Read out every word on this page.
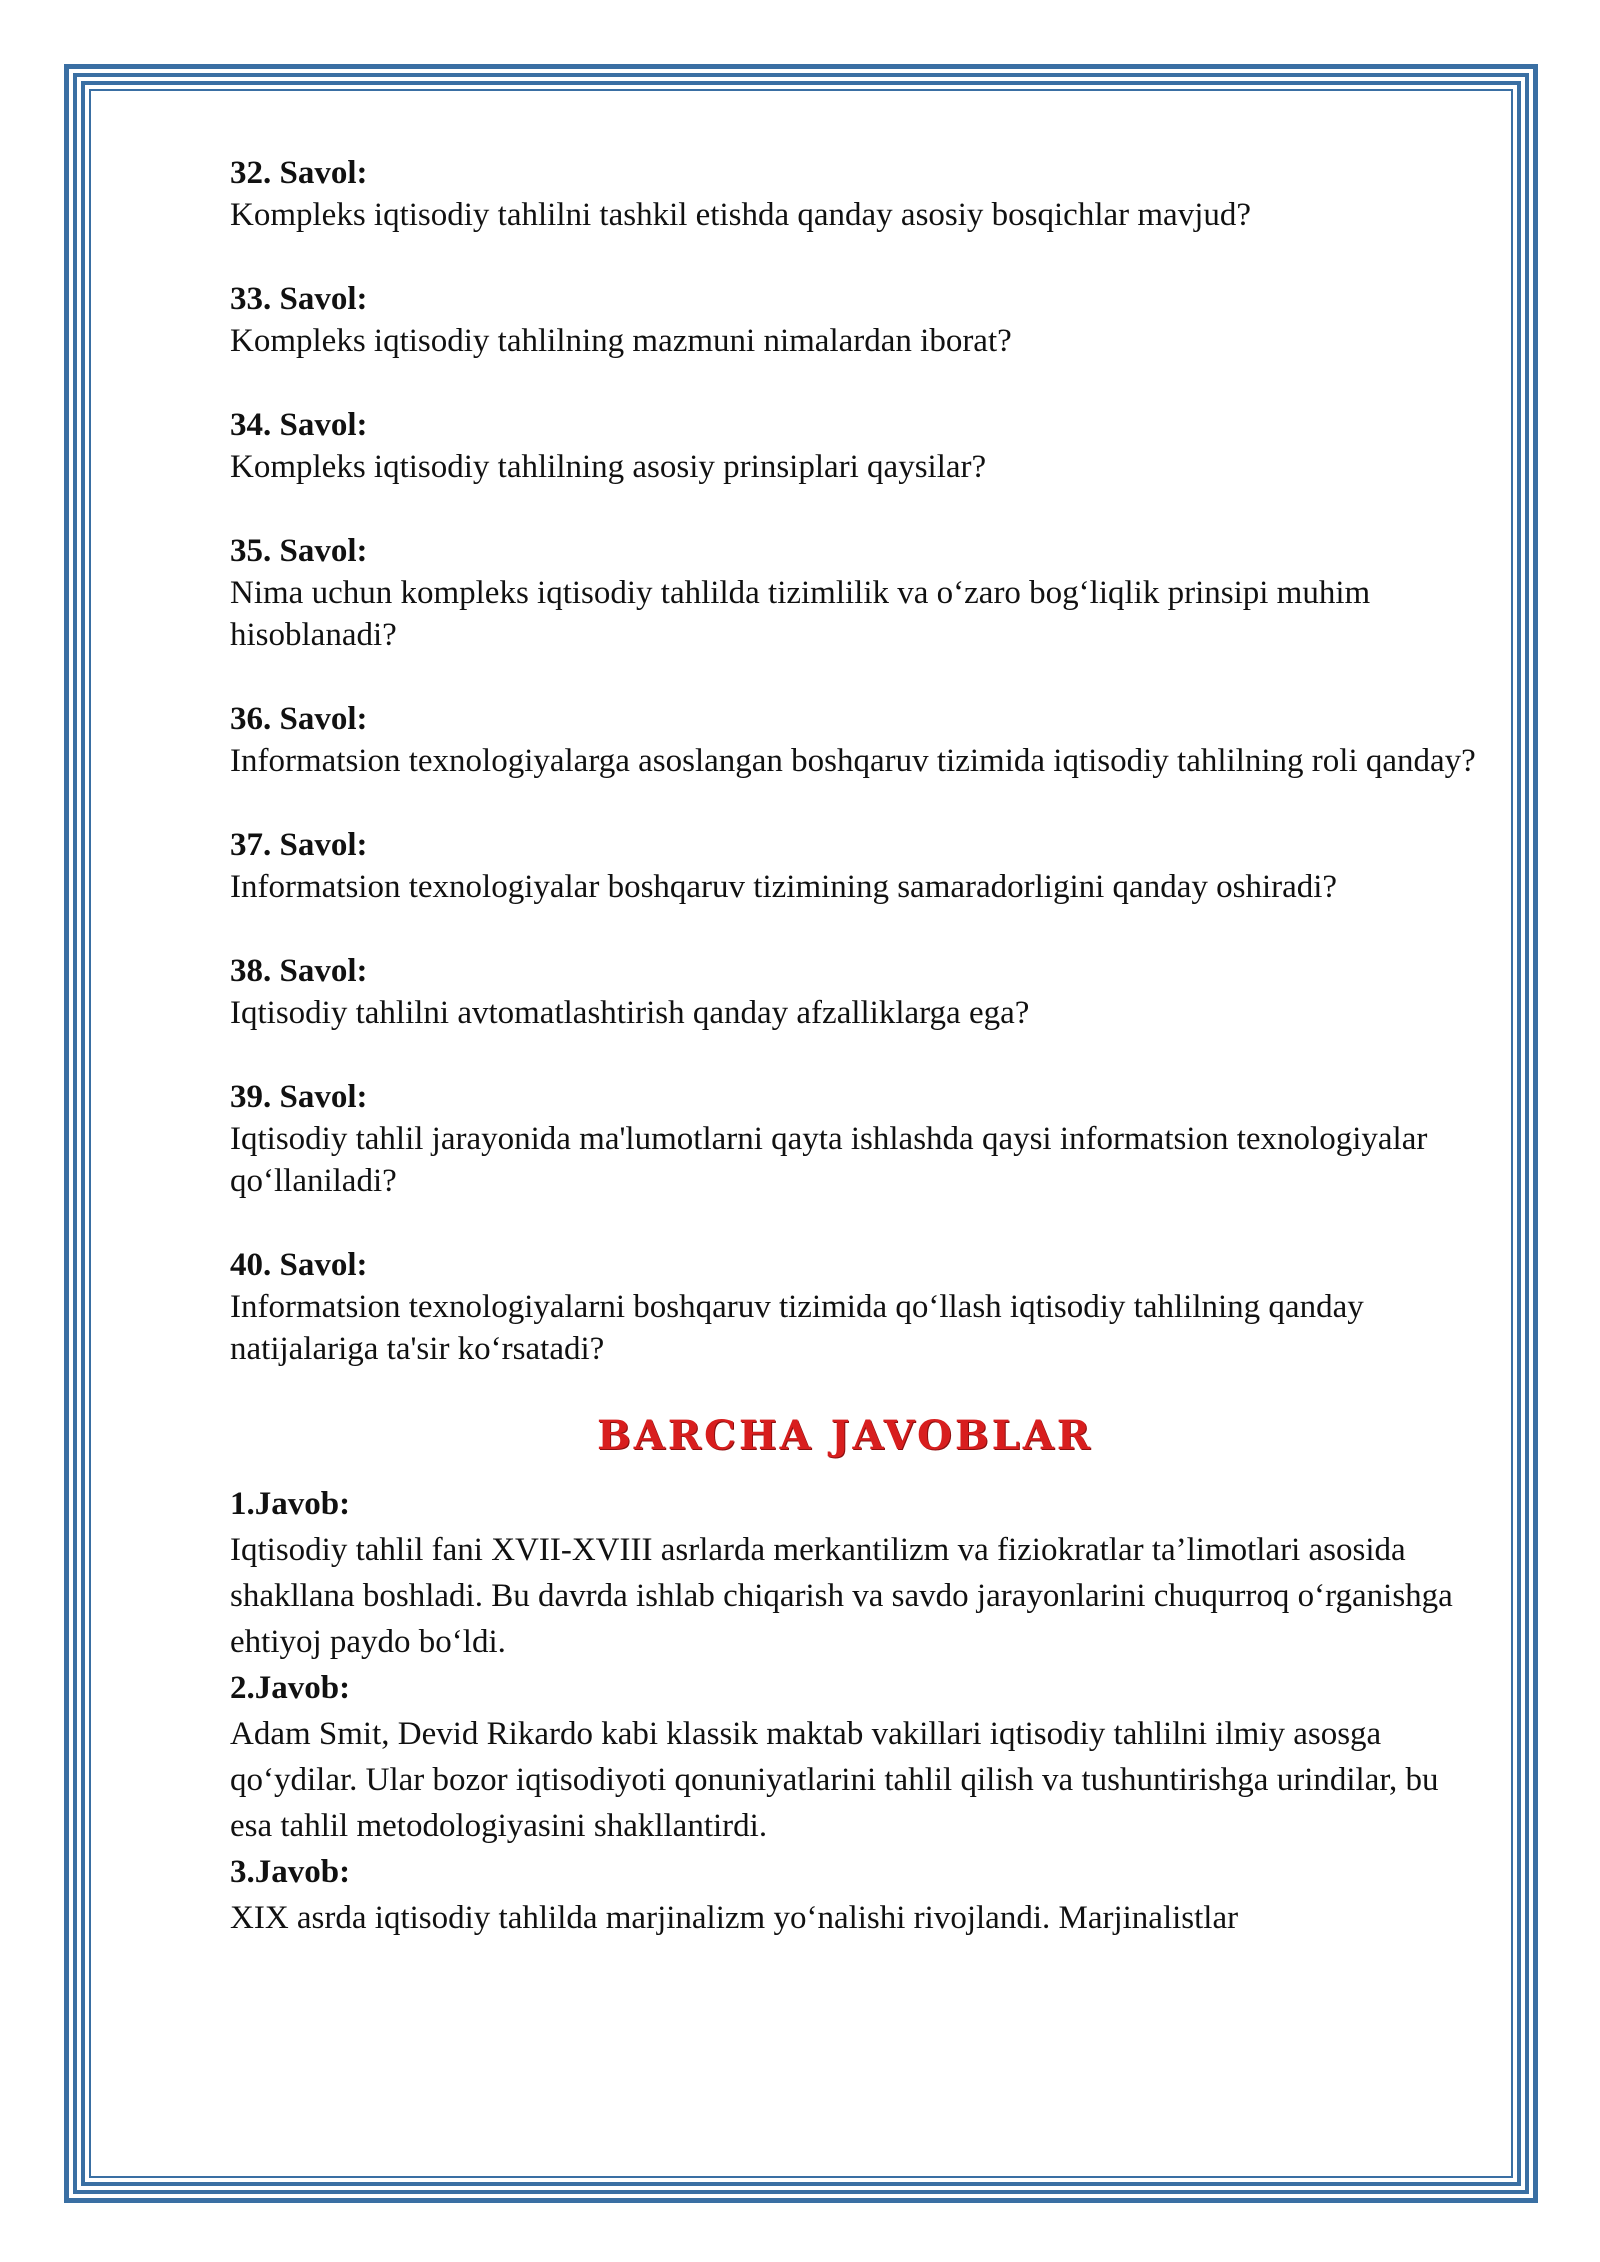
32. Savol:
Kompleks iqtisodiy tahlilni tashkil etishda qanday asosiy bosqichlar mavjud?
33. Savol:
Kompleks iqtisodiy tahlilning mazmuni nimalardan iborat?
34. Savol:
Kompleks iqtisodiy tahlilning asosiy prinsiplari qaysilar?
35. Savol:
Nima uchun kompleks iqtisodiy tahlilda tizimlilik va o‘zaro bog‘liqlik prinsipi muhim hisoblanadi?
36. Savol:
Informatsion texnologiyalarga asoslangan boshqaruv tizimida iqtisodiy tahlilning roli qanday?
37. Savol:
Informatsion texnologiyalar boshqaruv tizimining samaradorligini qanday oshiradi?
38. Savol:
Iqtisodiy tahlilni avtomatlashtirish qanday afzalliklarga ega?
39. Savol:
Iqtisodiy tahlil jarayonida ma'lumotlarni qayta ishlashda qaysi informatsion texnologiyalar qo‘llaniladi?
40. Savol:
Informatsion texnologiyalarni boshqaruv tizimida qo‘llash iqtisodiy tahlilning qanday natijalariga ta'sir ko‘rsatadi?
BARCHA JAVOBLAR
1.Javob:
Iqtisodiy tahlil fani XVII-XVIII asrlarda merkantilizm va fiziokratlar ta’limotlari asosida shakllana boshladi. Bu davrda ishlab chiqarish va savdo jarayonlarini chuqurroq o‘rganishga ehtiyoj paydo bo‘ldi.
2.Javob:
Adam Smit, Devid Rikardo kabi klassik maktab vakillari iqtisodiy tahlilni ilmiy asosga qo‘ydilar. Ular bozor iqtisodiyoti qonuniyatlarini tahlil qilish va tushuntirishga urindilar, bu esa tahlil metodologiyasini shakllantirdi.
3.Javob:
XIX asrda iqtisodiy tahlilda marjinalizm yo‘nalishi rivojlandi. Marjinalistlar
